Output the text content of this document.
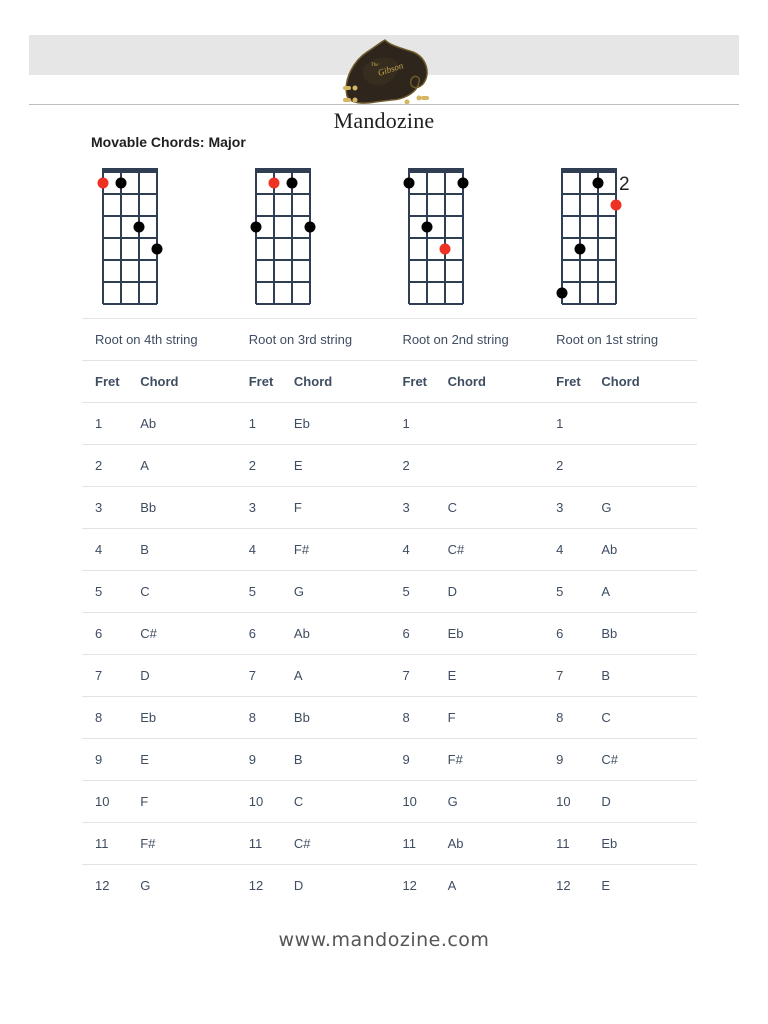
Gibson
The
Mandozine
Movable Chords: Major
2
Root on 4th string		Root on 3rd string		Root on 2nd string		Root on 1st string	
Fret	Chord	Fret	Chord	Fret	Chord	Fret	Chord
1	Ab	1	Eb	1		1	
2	A	2	E	2		2	
3	Bb	3	F	3	C	3	G
4	B	4	F#	4	C#	4	Ab
5	C	5	G	5	D	5	A
6	C#	6	Ab	6	Eb	6	Bb
7	D	7	A	7	E	7	B
8	Eb	8	Bb	8	F	8	C
9	E	9	B	9	F#	9	C#
10	F	10	C	10	G	10	D
11	F#	11	C#	11	Ab	11	Eb
12	G	12	D	12	A	12	E
www.mandozine.com
